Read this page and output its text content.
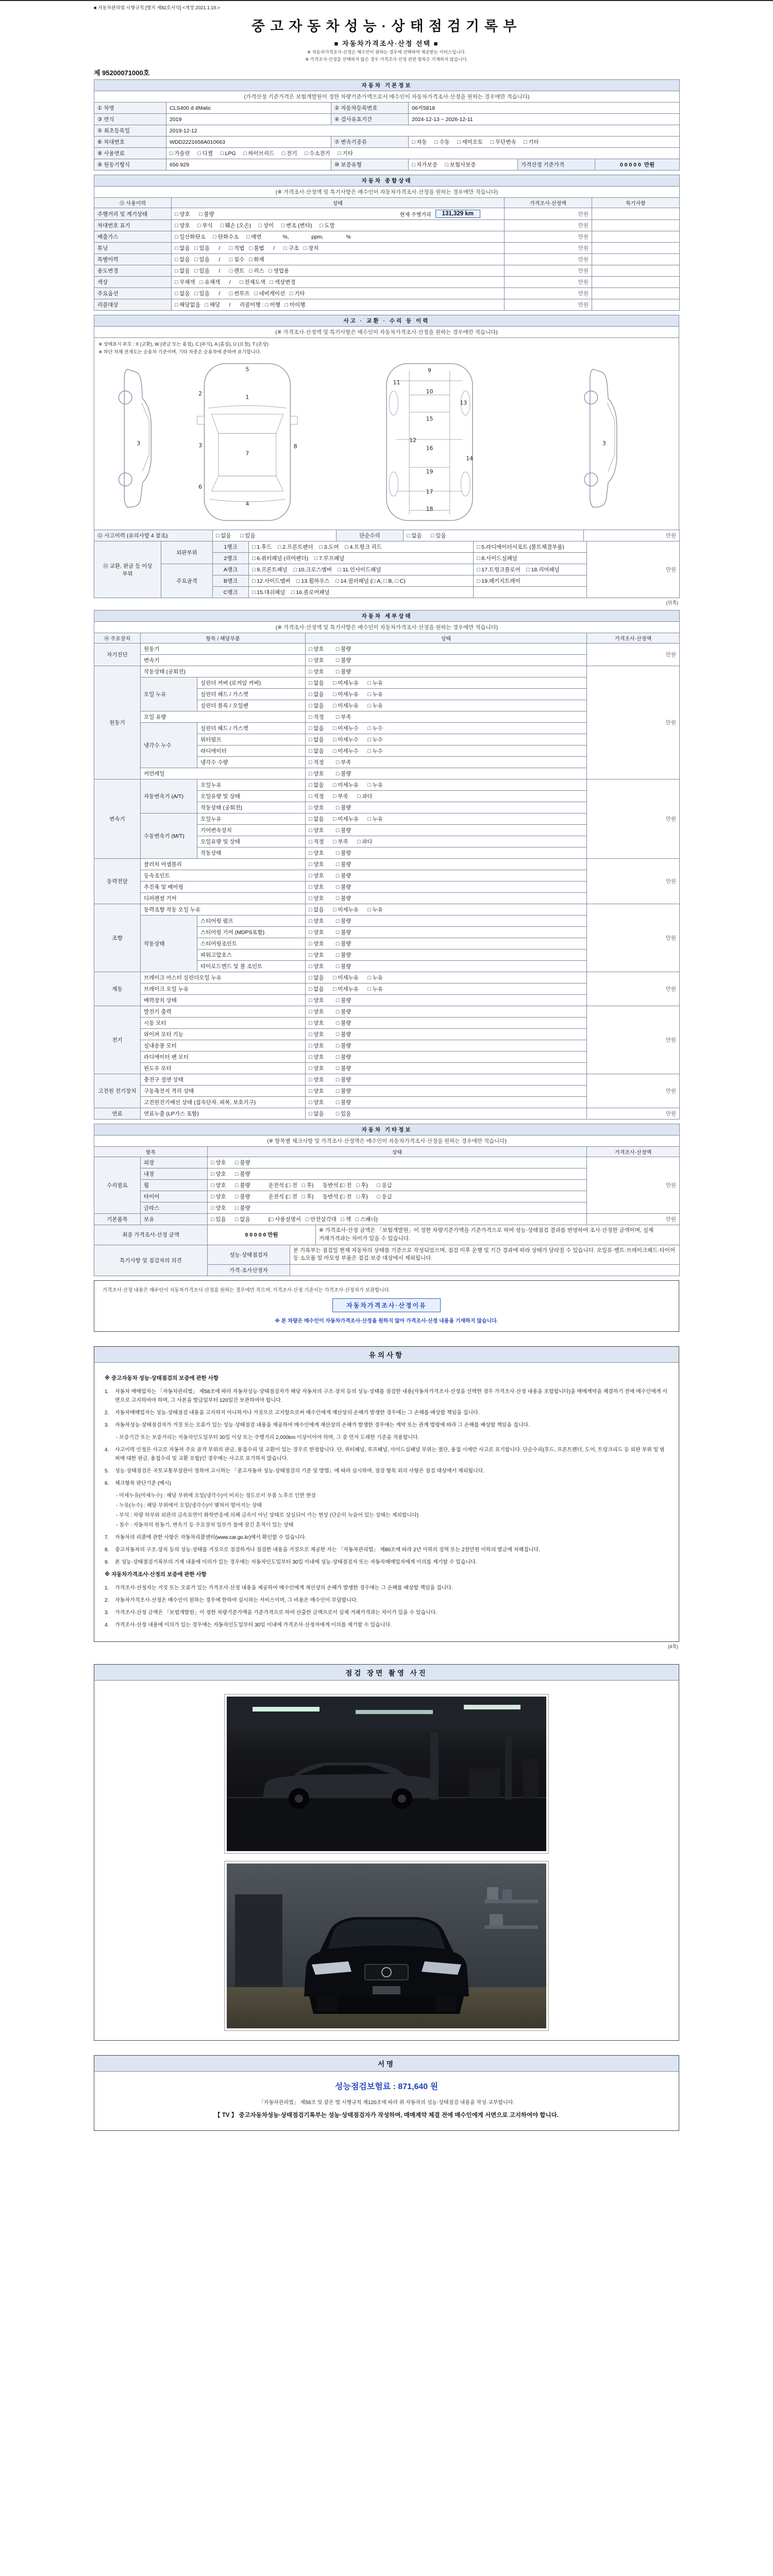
■ 자동차관리법 시행규칙 [별지 제82호서식] <개정 2021.1.19.>
중고자동차성능·상태점검기록부
■ 자동차가격조사·산정 선택 ■
※ 자동차가격조사·산정은 매수인이 원하는 경우에 선택하여 제공받는 서비스입니다.
※ 가격조사·산정을 선택하지 않은 경우 가격조사·산정 관련 항목은 기재하지 않습니다.
제 95200071000호
자동차 기본정보					
(가격산정 기준가격은 보험개발원이 정한 차량기준가액으로서 매수인이 자동차가격조사·산정을 원하는 경우에만 적습니다)					
① 차명	CLS400 d 4Matic	② 자동차등록번호	06저5818		
③ 연식	2019	④ 검사유효기간	2024-12-13 ~ 2026-12-11		
⑤ 최초등록일	2019-12-12				
⑥ 차대번호	WDD2221658A010663	⑦ 변속기종류	□ 자동     □ 수동     □ 세미오토     □ 무단변속     □ 기타		
⑧ 사용연료	□ 가솔린     □ 디젤     □ LPG     □ 하이브리드     □ 전기     □ 수소전기     □ 기타				
⑨ 원동기형식	656 929	⑩ 보증유형	□ 자가보증     □ 보험사보증	가격산정 기준가격	0 0 0 0 0  만원
자동차 종합상태			
(※ 가격조사·산정액 및 특기사항은 매수인이 자동차가격조사·산정을 원하는 경우에만 적습니다)			
⑪ 사용이력	상태	가격조사·산정액	특기사항
주행거리 및 계기상태	□ 양호      □ 불량 현재 주행거리 131,329 km	만원	
차대번호 표기	□ 양호     □ 부식     □ 훼손 (오손)     □ 상이     □ 변조 (변타)     □ 도말	만원	
배출가스	□ 일산화탄소     □ 탄화수소     □ 매연              %,               ppm,               %	만원	
튜닝	□ 없음   □ 있음      /      □ 적법   □ 불법      /      □ 구조   □ 장치	만원	
특별이력	□ 없음   □ 있음      /      □ 침수   □ 화재	만원	
용도변경	□ 없음   □ 있음      /      □ 렌트   □ 리스   □ 영업용	만원	
색상	□ 무채색   □ 유채색      /      □ 전체도색   □ 색상변경	만원	
주요옵션	□ 없음   □ 있음      /      □ 썬루프   □ 네비게이션   □ 기타	만원	
리콜대상	□ 해당없음   □ 해당      /      리콜이행 : □ 이행   □ 미이행	만원	
사고 · 교환 · 수리 등 이력
(※ 가격조사·산정액 및 특기사항은 매수인이 자동차가격조사·산정을 원하는 경우에만 적습니다)

※ 상태표시 부호 : X (교환), W (판금 또는 용접), C (부식), A (흠집), U (요철), T (손상)
※ 하단 차체 전개도는 승용차 기준이며, 기타 차종은 승용차에 준하여 표기합니다.
5
1
7
4
2
3
6
8
9
10
11
13
15
12
16
14
19
17
18
3	3
⑫ 사고이력 (유의사항 4 참조)	□ 없음      □ 있음	단순수리	□ 없음      □ 있음	만원
⑬ 교환, 판금 등 이상 부위	외판부위	1랭크	□ 1.후드    □ 2.프론트펜더    □ 3.도어    □ 4.트렁크 리드	□ 5.라디에이터서포트 (볼트체결부품)	만원
		2랭크	□ 6.쿼터패널 (리어펜더)    □ 7.루프패널	□ 8.사이드실패널	
	주요골격	A랭크	□ 9.프론트패널    □ 10.크로스멤버    □ 11.인사이드패널	□ 17.트렁크플로어    □ 18.리어패널	
		B랭크	□ 12.사이드멤버    □ 13.휠하우스    □ 14.필러패널 (□ A, □ B, □ C)	□ 19.패키지트레이	
		C랭크	□ 15.대쉬패널    □ 16.플로어패널		
(뒤쪽)
자동차 세부상태				
(※ 가격조사·산정액 및 특기사항은 매수인이 자동차가격조사·산정을 원하는 경우에만 적습니다)				
⑭ 주요장치	항목 / 해당부품		상태	가격조사·산정액
자기진단	원동기		□ 양호        □ 불량	만원
	변속기		□ 양호        □ 불량	
원동기	작동상태 (공회전)		□ 양호        □ 불량	만원
	오일 누유	실린더 커버 (로커암 커버)	□ 없음      □ 미세누유      □ 누유	
		실린더 헤드 / 가스켓	□ 없음      □ 미세누유      □ 누유	
		실린더 블록 / 오일팬	□ 없음      □ 미세누유      □ 누유	
	오일 유량		□ 적정        □ 부족	
	냉각수 누수	실린더 헤드 / 가스켓	□ 없음      □ 미세누수      □ 누수	
		워터펌프	□ 없음      □ 미세누수      □ 누수	
		라디에이터	□ 없음      □ 미세누수      □ 누수	
		냉각수 수량	□ 적정        □ 부족	
	커먼레일		□ 양호        □ 불량	
변속기	자동변속기 (A/T)	오일누유	□ 없음      □ 미세누유      □ 누유	만원
		오일유량 및 상태	□ 적정      □ 부족      □ 과다	
		작동상태 (공회전)	□ 양호        □ 불량	
	수동변속기 (M/T)	오일누유	□ 없음      □ 미세누유      □ 누유	
		기어변속장치	□ 양호        □ 불량	
		오일유량 및 상태	□ 적정      □ 부족      □ 과다	
		작동상태	□ 양호        □ 불량	
동력전달	클러치 어셈블리		□ 양호        □ 불량	만원
	등속조인트		□ 양호        □ 불량	
	추진축 및 베어링		□ 양호        □ 불량	
	디퍼렌셜 기어		□ 양호        □ 불량	
조향	동력조향 작동 오일 누유		□ 없음      □ 미세누유      □ 누유	만원
	작동상태	스티어링 펌프	□ 양호        □ 불량	
		스티어링 기어 (MDPS포함)	□ 양호        □ 불량	
		스티어링조인트	□ 양호        □ 불량	
		파워고압호스	□ 양호        □ 불량	
		타이로드엔드 및 볼 조인트	□ 양호        □ 불량	
제동	브레이크 마스터 실린더오일 누유		□ 없음      □ 미세누유      □ 누유	만원
	브레이크 오일 누유		□ 없음      □ 미세누유      □ 누유	
	배력장치 상태		□ 양호        □ 불량	
전기	발전기 출력		□ 양호        □ 불량	만원
	시동 모터		□ 양호        □ 불량	
	와이퍼 모터 기능		□ 양호        □ 불량	
	실내송풍 모터		□ 양호        □ 불량	
	라디에이터 팬 모터		□ 양호        □ 불량	
	윈도우 모터		□ 양호        □ 불량	
고전원 전기장치	충전구 절연 상태		□ 양호        □ 불량	만원
	구동축전지 격리 상태		□ 양호        □ 불량	
	고전원전기배선 상태 (접속단자, 피복, 보호기구)		□ 양호        □ 불량	
연료	연료누출 (LP가스 포함)		□ 없음        □ 있음	만원
자동차 기타정보			
(※ 항목별 체크사항 및 가격조사·산정액은 매수인이 자동차가격조사·산정을 원하는 경우에만 적습니다)			
항목		상태	가격조사·산정액
수리필요	외장	□ 양호      □ 불량	만원
	내장	□ 양호      □ 불량	
	휠	□ 양호      □ 불량            운전석 (□ 전   □ 후)      동반석 (□ 전   □ 후)      □ 응급	
	타이어	□ 양호      □ 불량            운전석 (□ 전   □ 후)      동반석 (□ 전   □ 후)      □ 응급	
	글라스	□ 양호      □ 불량	
기본품목	보유	□ 있음      □ 없음            (□ 사용설명서   □ 안전삼각대   □ 잭   □ 스패너)	만원
최종 가격조사·산정 금액	0 0 0 0 0 만원	※ 가격조사·산정 금액은 「보험개발원」이 정한 차량기준가액을 기준가격으로 하여 성능·상태점검 결과를 반영하여 조사·산정한 금액이며, 실제 거래가격과는 차이가 있을 수 있습니다.
특기사항 및 점검자의 의견	성능·상태점검자	본 기록부는 점검일 현재 자동차의 상태를 기준으로 작성되었으며, 점검 이후 운행 및 기간 경과에 따라 상태가 달라질 수 있습니다. 오일류·벨트·브레이크패드·타이어 등 소모품 및 마모성 부품은 점검·보증 대상에서 제외됩니다.
	가격·조사산정자	
가격조사·산정 내용은 매수인이 자동차가격조사·산정을 원하는 경우에만 적으며, 가격조사·산정 기준서는 가격조사·산정자가 보관합니다.
자동차가격조사·산정이유
※ 본 차량은 매수인이 자동차가격조사·산정을 원하지 않아 가격조사·산정 내용을 기재하지 않습니다.
유의사항
※ 중고자동차 성능·상태점검의 보증에 관한 사항
1.	자동차 매매업자는 「자동차관리법」 제58조에 따라 자동차성능·상태점검자가 해당 자동차의 구조·장치 등의 성능·상태를 점검한 내용(자동차가격조사·산정을 선택한 경우 가격조사·산정 내용을 포함합니다)을 매매계약을 체결하기 전에 매수인에게 서면으로 고지하여야 하며, 그 사본을 발급일부터 120일간 보관하여야 합니다.
2.	자동차매매업자는 성능·상태점검 내용을 고지하지 아니하거나 거짓으로 고지함으로써 매수인에게 재산상의 손해가 발생한 경우에는 그 손해를 배상할 책임을 집니다.
3.	자동차성능·상태점검자가 거짓 또는 오류가 있는 성능·상태점검 내용을 제공하여 매수인에게 재산상의 손해가 발생한 경우에는 계약 또는 관계 법령에 따라 그 손해를 배상할 책임을 집니다.
- 보증기간 또는 보증거리는 자동차인도일부터 30일 이상 또는 주행거리 2,000km 이상이어야 하며, 그 중 먼저 도래한 기준을 적용합니다.
4.	사고이력 인정은 사고로 자동차 주요 골격 부위의 판금, 용접수리 및 교환이 있는 경우로 한정합니다. 단, 쿼터패널, 루프패널, 사이드실패널 부위는 절단, 용접 시에만 사고로 표기합니다. 단순수리(후드, 프론트펜더, 도어, 트렁크리드 등 외판 부위 및 범퍼에 대한 판금, 용접수리 및 교환 포함)인 경우에는 사고로 표기하지 않습니다.
5.	성능·상태점검은 국토교통부장관이 정하여 고시하는 「중고자동차 성능·상태점검의 기준 및 방법」에 따라 실시하며, 점검 항목 외의 사항은 점검 대상에서 제외됩니다.
6.	체크항목 판단기준 (예시)
- 미세누유(미세누수) : 해당 부위에 오일(냉각수)이 비치는 정도로서 부품 노후로 인한 현상
- 누유(누수) : 해당 부위에서 오일(냉각수)이 맺혀서 떨어지는 상태
- 부식 : 차량 하부와 외판의 금속표면이 화학반응에 의해 금속이 아닌 상태로 상실되어 가는 현상 (단순히 녹슬어 있는 상태는 제외합니다)
- 침수 : 자동차의 원동기, 변속기 등 주요장치 일부가 물에 잠긴 흔적이 있는 상태
7.	자동차의 리콜에 관한 사항은 자동차리콜센터(www.car.go.kr)에서 확인할 수 있습니다.
8.	중고자동차의 구조·장치 등의 성능·상태를 거짓으로 점검하거나 점검한 내용을 거짓으로 제공한 자는 「자동차관리법」 제80조에 따라 2년 이하의 징역 또는 2천만원 이하의 벌금에 처해집니다.
9.	본 성능·상태점검기록부의 기재 내용에 이의가 있는 경우에는 자동차인도일부터 30일 이내에 성능·상태점검자 또는 자동차매매업자에게 이의를 제기할 수 있습니다.
※ 자동차가격조사·산정의 보증에 관한 사항
1.	가격조사·산정자는 거짓 또는 오류가 있는 가격조사·산정 내용을 제공하여 매수인에게 재산상의 손해가 발생한 경우에는 그 손해를 배상할 책임을 집니다.
2.	자동차가격조사·산정은 매수인이 원하는 경우에 한하여 실시하는 서비스이며, 그 비용은 매수인이 부담합니다.
3.	가격조사·산정 금액은 「보험개발원」이 정한 차량기준가액을 기준가격으로 하여 산출한 금액으로서 실제 거래가격과는 차이가 있을 수 있습니다.
4.	가격조사·산정 내용에 이의가 있는 경우에는 자동차인도일부터 30일 이내에 가격조사·산정자에게 이의를 제기할 수 있습니다.
(4쪽)
점검 장면 촬영 사진
서명
성능점검보험료 : 871,640 원
「자동차관리법」 제58조 및 같은 법 시행규칙 제120조에 따라 위 자동차의 성능·상태점검 내용을 작성·교부합니다.
【 TV 】 중고자동차성능·상태점검기록부는 성능·상태점검자가 작성하며, 매매계약 체결 전에 매수인에게 서면으로 고지하여야 합니다.
